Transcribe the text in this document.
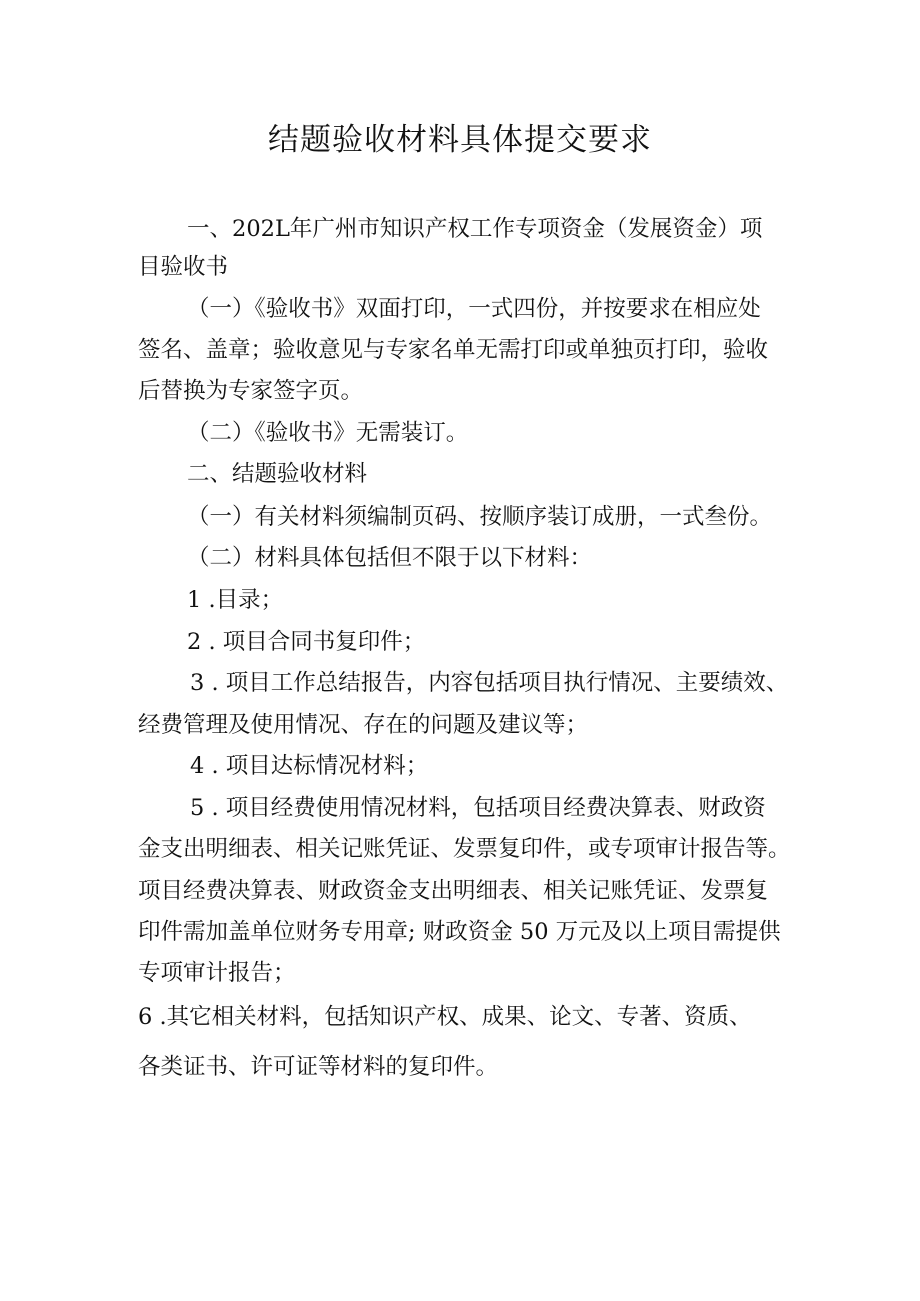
结题验收材料具体提交要求
一、202L年广州市知识产权工作专项资金（发展资金）项
目验收书
（一）《验收书》双面打印，一式四份，并按要求在相应处
签名、盖章；验收意见与专家名单无需打印或单独页打印，验收
后替换为专家签字页。
（二）《验收书》无需装订。
二、结题验收材料
（一）有关材料须编制页码、按顺序装订成册，一式叁份。
（二）材料具体包括但不限于以下材料：
1 .目录；
2 . 项目合同书复印件；
3 . 项目工作总结报告，内容包括项目执行情况、主要绩效、
经费管理及使用情况、存在的问题及建议等；
4 . 项目达标情况材料；
5 . 项目经费使用情况材料，包括项目经费决算表、财政资
金支出明细表、相关记账凭证、发票复印件，或专项审计报告等。
项目经费决算表、财政资金支出明细表、相关记账凭证、发票复
印件需加盖单位财务专用章; 财政资金 50 万元及以上项目需提供
专项审计报告；
6 .其它相关材料，包括知识产权、成果、论文、专著、资质、
各类证书、许可证等材料的复印件。
